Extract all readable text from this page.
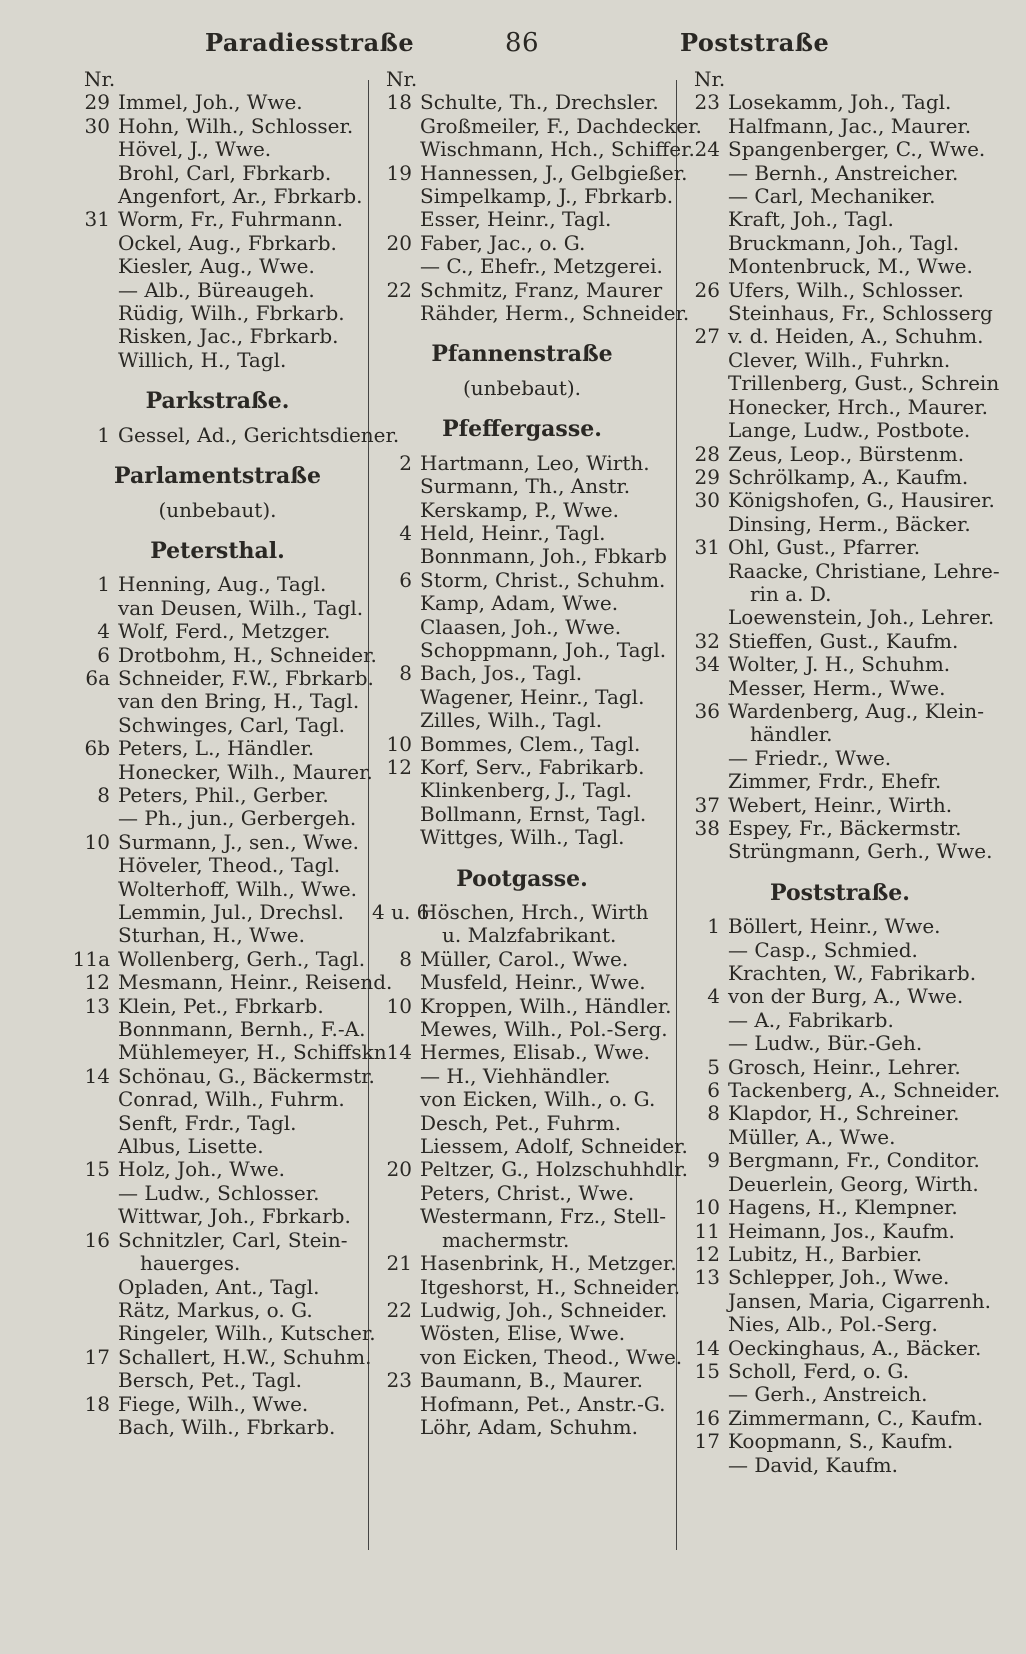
Paradiesstraße	86	Poststraße
Nr.
29 Immel, Joh., Wwe.
30 Hohn, Wilh., Schlosser.
Hövel, J., Wwe.
Brohl, Carl, Fbrkarb.
Angenfort, Ar., Fbrkarb.
31 Worm, Fr., Fuhrmann.
Ockel, Aug., Fbrkarb.
Kiesler, Aug., Wwe.
— Alb., Büreaugeh.
Rüdig, Wilh., Fbrkarb.
Risken, Jac., Fbrkarb.
Willich, H., Tagl.
Parkstraße.
1 Gessel, Ad., Gerichtsdiener.
Parlamentstraße
(unbebaut).
Petersthal.
1 Henning, Aug., Tagl.
van Deusen, Wilh., Tagl.
4 Wolf, Ferd., Metzger.
6 Drotbohm, H., Schneider.
6a Schneider, F.W., Fbrkarb.
van den Bring, H., Tagl.
Schwinges, Carl, Tagl.
6b Peters, L., Händler.
Honecker, Wilh., Maurer.
8 Peters, Phil., Gerber.
— Ph., jun., Gerbergeh.
10 Surmann, J., sen., Wwe.
Höveler, Theod., Tagl.
Wolterhoff, Wilh., Wwe.
Lemmin, Jul., Drechsl.
Sturhan, H., Wwe.
11a Wollenberg, Gerh., Tagl.
12 Mesmann, Heinr., Reisend.
13 Klein, Pet., Fbrkarb.
Bonnmann, Bernh., F.-A.
Mühlemeyer, H., Schiffskn
14 Schönau, G., Bäckermstr.
Conrad, Wilh., Fuhrm.
Senft, Frdr., Tagl.
Albus, Lisette.
15 Holz, Joh., Wwe.
— Ludw., Schlosser.
Wittwar, Joh., Fbrkarb.
16 Schnitzler, Carl, Stein-
hauerges.
Opladen, Ant., Tagl.
Rätz, Markus, o. G.
Ringeler, Wilh., Kutscher.
17 Schallert, H.W., Schuhm.
Bersch, Pet., Tagl.
18 Fiege, Wilh., Wwe.
Bach, Wilh., Fbrkarb.
Nr.
18 Schulte, Th., Drechsler.
Großmeiler, F., Dachdecker.
Wischmann, Hch., Schiffer.
19 Hannessen, J., Gelbgießer.
Simpelkamp, J., Fbrkarb.
Esser, Heinr., Tagl.
20 Faber, Jac., o. G.
— C., Ehefr., Metzgerei.
22 Schmitz, Franz, Maurer
Rähder, Herm., Schneider.
Pfannenstraße
(unbebaut).
Pfeffergasse.
2 Hartmann, Leo, Wirth.
Surmann, Th., Anstr.
Kerskamp, P., Wwe.
4 Held, Heinr., Tagl.
Bonnmann, Joh., Fbkarb
6 Storm, Christ., Schuhm.
Kamp, Adam, Wwe.
Claasen, Joh., Wwe.
Schoppmann, Joh., Tagl.
8 Bach, Jos., Tagl.
Wagener, Heinr., Tagl.
Zilles, Wilh., Tagl.
10 Bommes, Clem., Tagl.
12 Korf, Serv., Fabrikarb.
Klinkenberg, J., Tagl.
Bollmann, Ernst, Tagl.
Wittges, Wilh., Tagl.
Pootgasse.
4 u. 6
Höschen, Hrch., Wirth
u. Malzfabrikant.
8 Müller, Carol., Wwe.
Musfeld, Heinr., Wwe.
10 Kroppen, Wilh., Händler.
Mewes, Wilh., Pol.-Serg.
14 Hermes, Elisab., Wwe.
— H., Viehhändler.
von Eicken, Wilh., o. G.
Desch, Pet., Fuhrm.
Liessem, Adolf, Schneider.
20 Peltzer, G., Holzschuhhdlr.
Peters, Christ., Wwe.
Westermann, Frz., Stell-
machermstr.
21 Hasenbrink, H., Metzger.
Itgeshorst, H., Schneider.
22 Ludwig, Joh., Schneider.
Wösten, Elise, Wwe.
von Eicken, Theod., Wwe.
23 Baumann, B., Maurer.
Hofmann, Pet., Anstr.-G.
Löhr, Adam, Schuhm.
Nr.
23 Losekamm, Joh., Tagl.
Halfmann, Jac., Maurer.
24 Spangenberger, C., Wwe.
— Bernh., Anstreicher.
— Carl, Mechaniker.
Kraft, Joh., Tagl.
Bruckmann, Joh., Tagl.
Montenbruck, M., Wwe.
26 Ufers, Wilh., Schlosser.
Steinhaus, Fr., Schlosserg
27 v. d. Heiden, A., Schuhm.
Clever, Wilh., Fuhrkn.
Trillenberg, Gust., Schrein
Honecker, Hrch., Maurer.
Lange, Ludw., Postbote.
28 Zeus, Leop., Bürstenm.
29 Schrölkamp, A., Kaufm.
30 Königshofen, G., Hausirer.
Dinsing, Herm., Bäcker.
31 Ohl, Gust., Pfarrer.
Raacke, Christiane, Lehre-
rin a. D.
Loewenstein, Joh., Lehrer.
32 Stieffen, Gust., Kaufm.
34 Wolter, J. H., Schuhm.
Messer, Herm., Wwe.
36 Wardenberg, Aug., Klein-
händler.
— Friedr., Wwe.
Zimmer, Frdr., Ehefr.
37 Webert, Heinr., Wirth.
38 Espey, Fr., Bäckermstr.
Strüngmann, Gerh., Wwe.
Poststraße.
1 Böllert, Heinr., Wwe.
— Casp., Schmied.
Krachten, W., Fabrikarb.
4 von der Burg, A., Wwe.
— A., Fabrikarb.
— Ludw., Bür.-Geh.
5 Grosch, Heinr., Lehrer.
6 Tackenberg, A., Schneider.
8 Klapdor, H., Schreiner.
Müller, A., Wwe.
9 Bergmann, Fr., Conditor.
Deuerlein, Georg, Wirth.
10 Hagens, H., Klempner.
11 Heimann, Jos., Kaufm.
12 Lubitz, H., Barbier.
13 Schlepper, Joh., Wwe.
Jansen, Maria, Cigarrenh.
Nies, Alb., Pol.-Serg.
14 Oeckinghaus, A., Bäcker.
15 Scholl, Ferd, o. G.
— Gerh., Anstreich.
16 Zimmermann, C., Kaufm.
17 Koopmann, S., Kaufm.
— David, Kaufm.
